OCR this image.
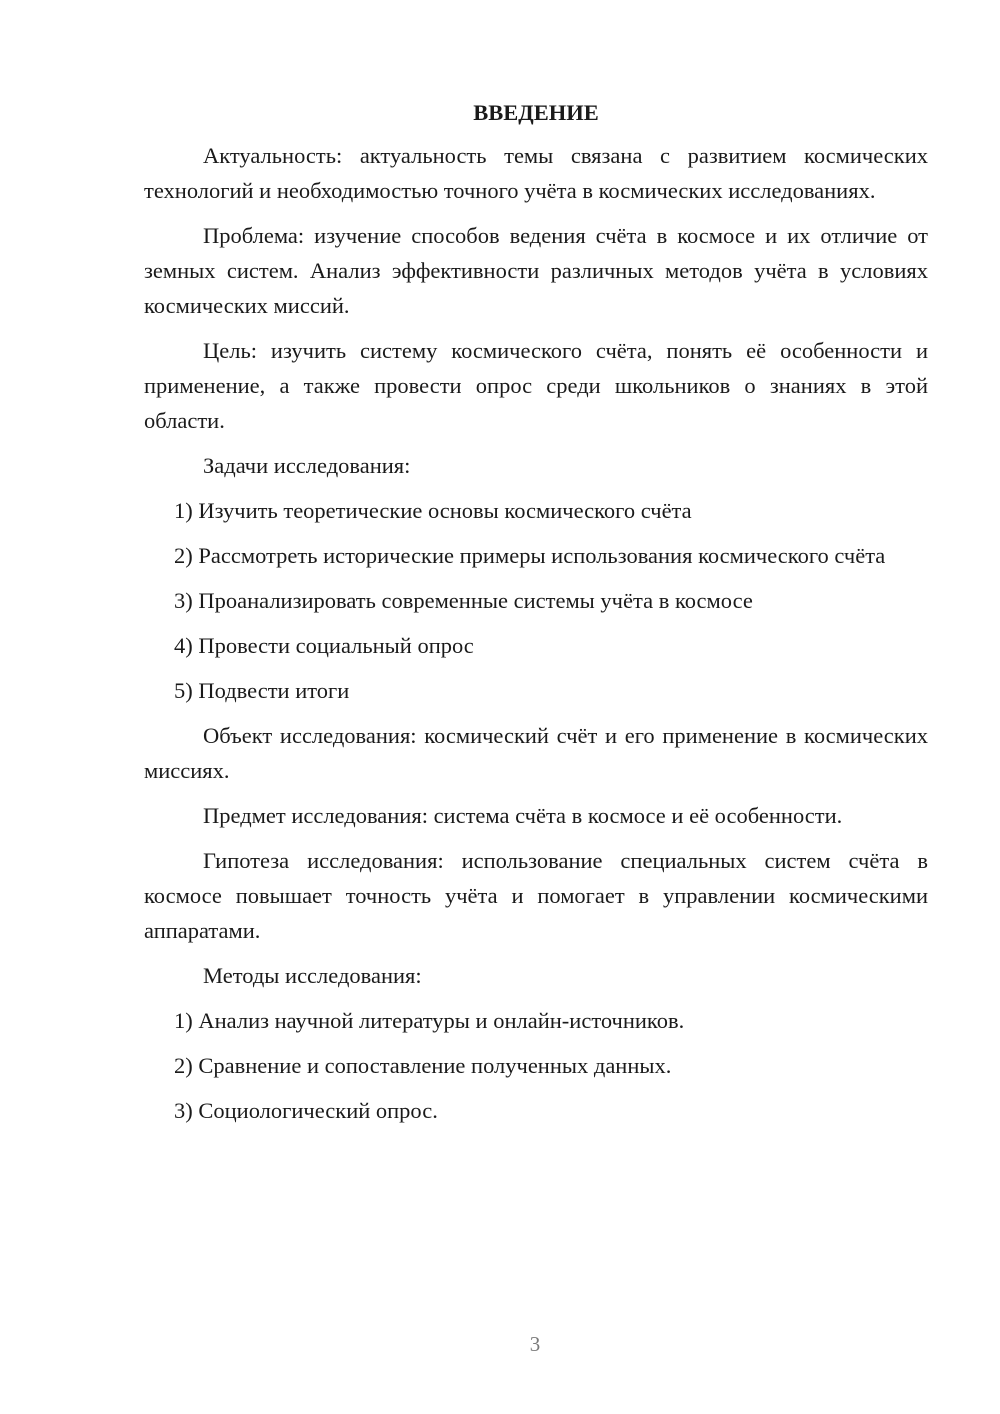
ВВЕДЕНИЕ

Актуальность: актуальность темы связана с развитием космических технологий и необходимостью точного учёта в космических исследованиях.

Проблема: изучение способов ведения счёта в космосе и их отличие от земных систем. Анализ эффективности различных методов учёта в условиях космических миссий.

Цель: изучить систему космического счёта, понять её особенности и применение, а также провести опрос среди школьников о знаниях в этой области.

Задачи исследования:

1) Изучить теоретические основы космического счёта

2) Рассмотреть исторические примеры использования космического счёта

3) Проанализировать современные системы учёта в космосе

4) Провести социальный опрос

5) Подвести итоги

Объект исследования: космический счёт и его применение в космических миссиях.

Предмет исследования: система счёта в космосе и её особенности.

Гипотеза исследования: использование специальных систем счёта в космосе повышает точность учёта и помогает в управлении космическими аппаратами.

Методы исследования:

1) Анализ научной литературы и онлайн-источников.

2) Сравнение и сопоставление полученных данных.

3) Социологический опрос.

3
